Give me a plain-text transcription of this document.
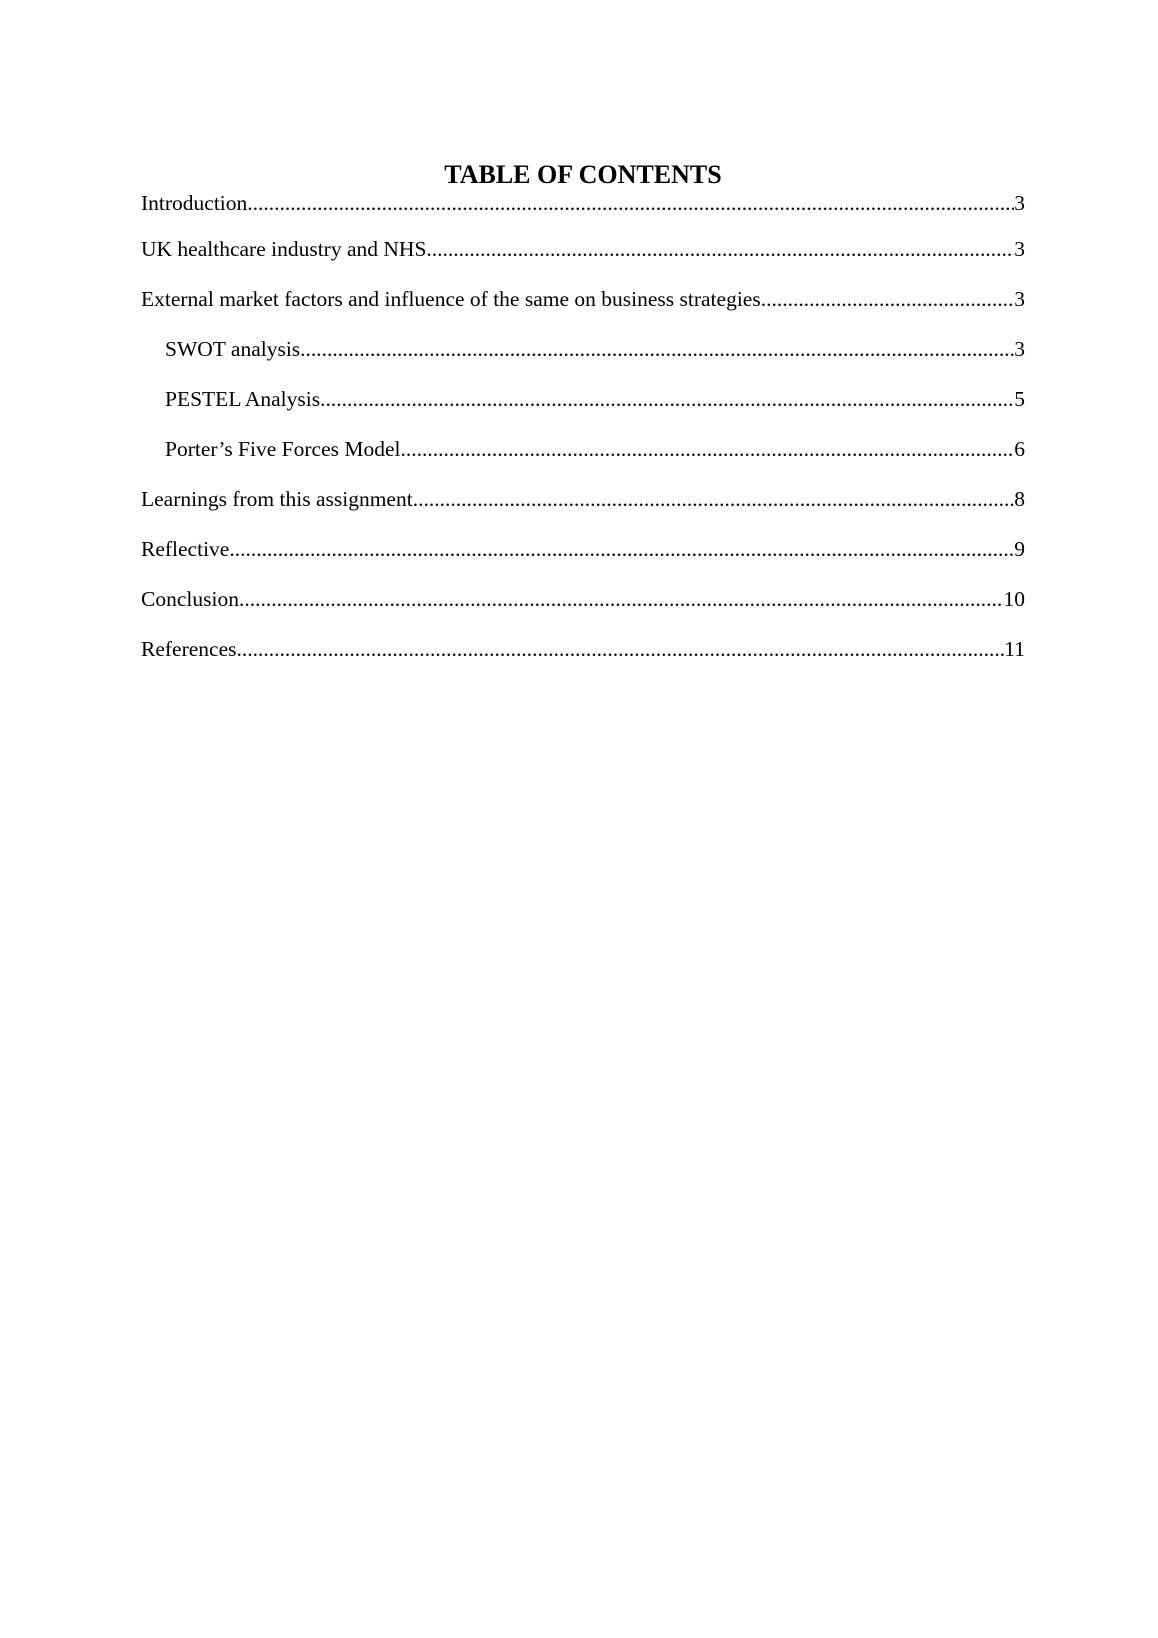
TABLE OF CONTENTS
Introduction .....	3
UK healthcare industry and NHS .....	3
External market factors and influence of the same on business strategies .....	3
SWOT analysis .....	3
PESTEL Analysis .....	5
Porter’s Five Forces Model .....	6
Learnings from this assignment .....	8
Reflective .....	9
Conclusion .....	10
References .....	11
